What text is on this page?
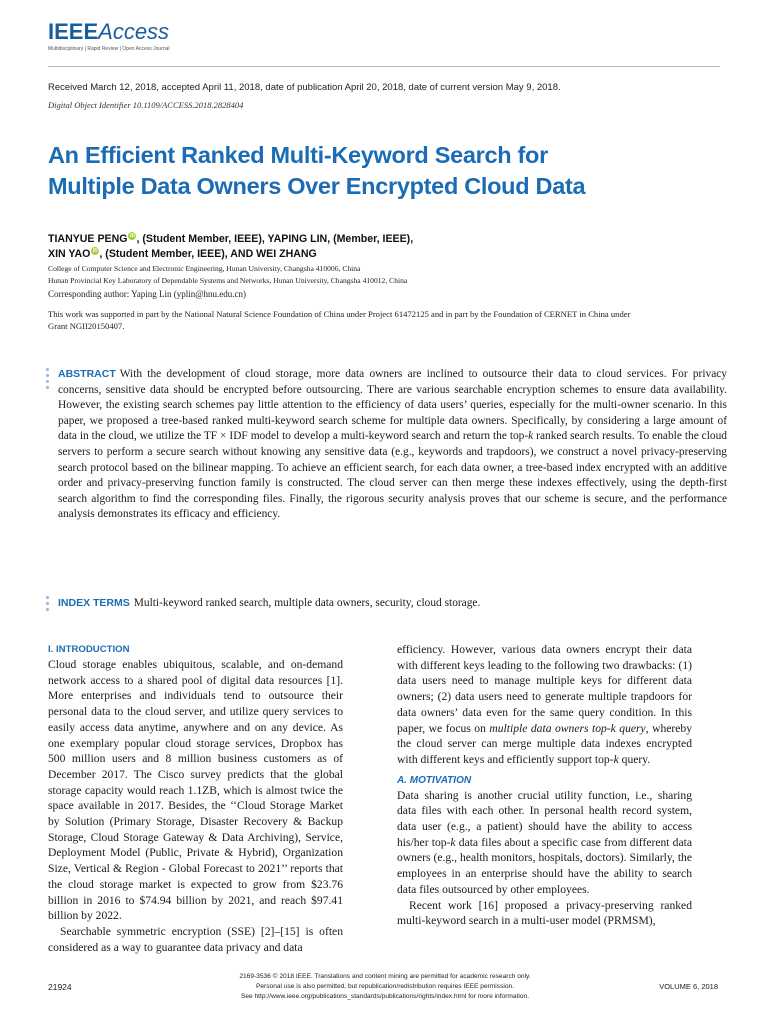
IEEEAccess
Multidisciplinary | Rapid Review | Open Access Journal
Received March 12, 2018, accepted April 11, 2018, date of publication April 20, 2018, date of current version May 9, 2018.
Digital Object Identifier 10.1109/ACCESS.2018.2828404
An Efficient Ranked Multi-Keyword Search for
Multiple Data Owners Over Encrypted Cloud Data
TIANYUE PENG iD , (Student Member, IEEE), YAPING LIN, (Member, IEEE),
XIN YAO iD , (Student Member, IEEE), AND WEI ZHANG
College of Computer Science and Electronic Engineering, Hunan University, Changsha 410006, China
Hunan Provincial Key Laboratory of Dependable Systems and Networks, Hunan University, Changsha 410012, China
Corresponding author: Yaping Lin (yplin@hnu.edu.cn)
This work was supported in part by the National Natural Science Foundation of China under Project 61472125 and in part by the Foundation of CERNET in China under Grant NGII20150407.
ABSTRACT With the development of cloud storage, more data owners are inclined to outsource their data to cloud services. For privacy concerns, sensitive data should be encrypted before outsourcing. There are various searchable encryption schemes to ensure data availability. However, the existing search schemes pay little attention to the efficiency of data users’ queries, especially for the multi-owner scenario. In this paper, we proposed a tree-based ranked multi-keyword search scheme for multiple data owners. Specifically, by considering a large amount of data in the cloud, we utilize the TF × IDF model to develop a multi-keyword search and return the top-k ranked search results. To enable the cloud servers to perform a secure search without knowing any sensitive data (e.g., keywords and trapdoors), we construct a novel privacy-preserving search protocol based on the bilinear mapping. To achieve an efficient search, for each data owner, a tree-based index encrypted with an additive order and privacy-preserving function family is constructed. The cloud server can then merge these indexes effectively, using the depth-first search algorithm to find the corresponding files. Finally, the rigorous security analysis proves that our scheme is secure, and the performance analysis demonstrates its efficacy and efficiency.
INDEX TERMS Multi-keyword ranked search, multiple data owners, security, cloud storage.
I. INTRODUCTION

Cloud storage enables ubiquitous, scalable, and on-demand network access to a shared pool of digital data resources [1]. More enterprises and individuals tend to outsource their personal data to the cloud server, and utilize query services to easily access data anytime, anywhere and on any device. As one exemplary popular cloud storage services, Dropbox has 500 million users and 8 million business customers as of December 2017. The Cisco survey predicts that the global storage capacity would reach 1.1ZB, which is almost twice the space available in 2017. Besides, the ‘‘Cloud Storage Market by Solution (Primary Storage, Disaster Recovery & Backup Storage, Cloud Storage Gateway & Data Archiving), Service, Deployment Model (Public, Private & Hybrid), Organization Size, Vertical & Region - Global Forecast to 2021’’ reports that the cloud storage market is expected to grow from $23.76 billion in 2016 to $74.94 billion by 2021, and reach $97.41 billion by 2022.

Searchable symmetric encryption (SSE) [2]–[15] is often considered as a way to guarantee data privacy and data

efficiency. However, various data owners encrypt their data with different keys leading to the following two drawbacks: (1) data users need to manage multiple keys for different data owners; (2) data users need to generate multiple trapdoors for data owners’ data even for the same query condition. In this paper, we focus on multiple data owners top-k query, whereby the cloud server can merge multiple data indexes encrypted with different keys and efficiently support top-k query.

A. MOTIVATION

Data sharing is another crucial utility function, i.e., sharing data files with each other. In personal health record system, data user (e.g., a patient) should have the ability to access his/her top-k data files about a specific case from different data owners (e.g., health monitors, hospitals, doctors). Similarly, the employees in an enterprise should have the ability to search data files outsourced by other employees.

Recent work [16] proposed a privacy-preserving ranked multi-keyword search in a multi-user model (PRMSM),

21924
2169-3536 © 2018 IEEE. Translations and content mining are permitted for academic research only.
Personal use is also permitted, but republication/redistribution requires IEEE permission.
See http://www.ieee.org/publications_standards/publications/rights/index.html for more information.
VOLUME 6, 2018
